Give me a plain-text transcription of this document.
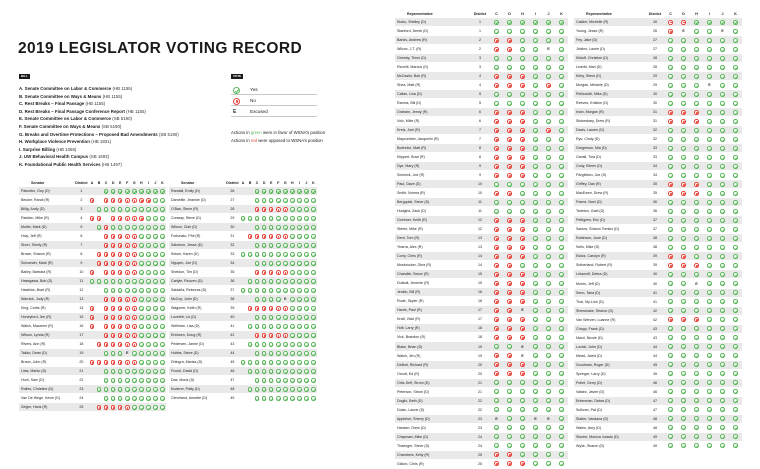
2019 LEGISLATOR VOTING RECORD
BILL
A. Senate Committee on Labor & Commerce (HB 1155)
B. Senate Committee on Ways & Means (HB 1155)
C. Rest Breaks – Final Passage (HB 1155)
D. Rest Breaks – Final Passage Conference Report (HB 1155)
E. Senate Committee on Labor & Commerce (SB 5190)
F. Senate Committee on Ways & Means (SB 5190)
G. Breaks and Overtime Protections – Proposed Bad Amendments (SB 5190)
H. Workplace Violence Prevention (HB 1931)
I. Surprise Billing (HB 1065)
J. UW Behavioral Health Campus (SB 1593)
K. Foundational Public Health Services (HB 1497)
VOTE
Yes
No
E	Excused
Actions in green were in favor of WSNA’s position
Actions in red were opposed to WSNA’s position
Senator	District	A	B	C	D	E	F	G	H	I	J	K
Palumbo, Guy (D)	1											
Becker, Randi (R)	2											
Billig, Andy (D)	3											
Padden, Mike (R)	4											
Mullet, Mark (D)	5											
Holy, Jeff (R)	6											
Short, Shelly (R)	7											
Brown, Sharon (R)	8											
Schoesler, Mark (R)	9											
Bailey, Barbara (R)	10											
Hasegawa, Bob (D)	11											
Hawkins, Brad (R)	12											
Warnick, Judy (R)	13											
King, Curtis (R)	14											
Honeyford, Jim (R)	15											
Walsh, Maureen (R)	16											
Wilson, Lynda (R)	17											
Rivers, Ann (R)	18											
Takko, Dean (D)	19						E					
Braun, John (R)	20											
Liias, Marko (D)	21											
Hunt, Sam (D)	22											
Rolfes, Christine (D)	23											
Van De Wege, Kevin (D)	24											
Zeiger, Hans (R)	25											
Senator	District	A	B	C	D	E	F	G	H	I	J	K
Randall, Emily (D)	26											
Darneille, Jeannie (D)	27											
O’Ban, Steve (R)	28											
Conway, Steve (D)	29											
Wilson, Clair (D)	30											
Fortunato, Phil (R)	31											
Salomon, Jesse (D)	32											
Keiser, Karen (D)	33											
Nguyen, Joe (D)	34											
Sheldon, Tim (D)	35											
Carlyle, Reuven (D)	36											
Saldaña, Rebecca (D)	37											
McCoy, John (D)	38							E				
Wagoner, Keith (R)	39											
Lovelett, Liz (D)	40											
Wellman, Lisa (D)	41											
Ericksen, Doug (R)	42											
Pedersen, Jamie (D)	43											
Hobbs, Steve (D)	44											
Dhingra, Manka (D)	45											
Frockt, David (D)	46											
Das, Mona (D)	47											
Kuderer, Patty (D)	48											
Cleveland, Annette (D)	49											
Representative	District	C	D	H	I	J	K
Klobo, Shelley (D)	1						
Stanford, Derek (D)	1						
Barkis, Andrew (R)	2						
Wilcox, J.T. (R)	2					E	
Ormsby, Timm (D)	3						
Riccelli, Marcus (D)	3						
McCaslin, Bob (R)	4						
Shea, Matt (R)	4						
Callan, Lisa (D)	5						
Ramos, Bill (D)	5						
Graham, Jenny (R)	6						
Volz, Mike (R)	6						
Kretz, Joel (R)	7						
Maycumber, Jacquelin (R)	7						
Boehnke, Matt (R)	8						
Klippert, Brad (R)	8						
Dye, Mary (R)	9						
Schmick, Joe (R)	9						
Paul, Dave (D)	10						
Smith, Norma (R)	10						
Bergquist, Steve (D)	11						
Hudgins, Zack (D)	11						
Goehner, Keith (R)	12						
Steele, Mike (R)	12						
Dent, Tom (R)	13						
Ybarra, Alex (R)	13						
Corry, Chris (R)	14						
Mosbrucker, Gina (R)	14						
Chandler, Bruce (R)	15						
Dufault, Jeremie (R)	15						
Jenkin, Bill (R)	16						
Rude, Skyler (R)	16						
Harris, Paul (R)	17			E			
Kraft, Vicki (R)	17						
Hoff, Larry (R)	18						
Vick, Brandon (R)	18						
Blake, Brian (D)	19			E			
Walsh, Jim (R)	19			E			
DeBolt, Richard (R)	20						
Orcutt, Ed (R)	20						
Ortiz-Self, Strom (D)	21						
Peterson, Strom (D)	21						
Doglio, Beth (D)	22						
Dolan, Laurie (D)	22						
Appleton, Sherry (D)	23	E			E	E	
Hansen, Drew (D)	23						
Chapman, Mike (D)	24						
Tharinger, Steve (D)	24						
Chambers, Kelly (R)	25						
Gildon, Chris (R)	25						
Representative	District	C	D	H	I	J	K
Caldier, Michelle (R)	26						
Young, Jesse (R)	26		E			E	
Fey, Jake (D)	27						
Jinkins, Laurie (D)	27						
Kilduff, Christine (D)	28						
Leavitt, Mari (D)	28						
Kirby, Steve (D)	29						
Morgan, Melanie (D)	29				E		
Pellicciotti, Mike (D)	30						
Reeves, Kristine (D)	30						
Irwin, Morgan (R)	31						
Stokesbary, Drew (R)	31						
Davis, Lauren (D)	32						
Ryu, Cindy (D)	32						
Gregerson, Mia (D)	33						
Orwall, Tina (D)	33						
Cody, Eileen (D)	34						
Fitzgibbon, Joe (D)	34						
Griffey, Dan (R)	35						
MacEwen, Drew (R)	35						
Frame, Noel (D)	36						
Tarleton, Gael (D)	36						
Pettigrew, Eric (D)	37						
Santos, Sharon Tomiko (D)	37						
Robinson, June (D)	38						
Sells, Mike (D)	38						
Eslick, Carolyn (R)	39						
Sutherland, Robert (R)	39						
Lekanoff, Debra (D)	40						
Morris, Jeff (D)	40			E			
Senn, Tana (D)	41						
Thai, My-Linh (D)	41						
Shewmake, Sharon (D)	42						
Van Werven, Luanne (R)	42						
Chopp, Frank (D)	43						
Macri, Nicole (D)	43						
Lovick, John (D)	44						
Mead, Jared (D)	44						
Goodman, Roger (D)	45						
Springer, Larry (D)	45						
Pollet, Gerry (D)	46						
Valdez, Javier (D)	46						
Entenman, Debra (D)	47						
Sullivan, Pat (D)	47						
Slatter, Vandana (D)	48						
Walen, Amy (D)	48						
Stonier, Monica Jurado (D)	49						
Wylie, Sharon (D)	49						
